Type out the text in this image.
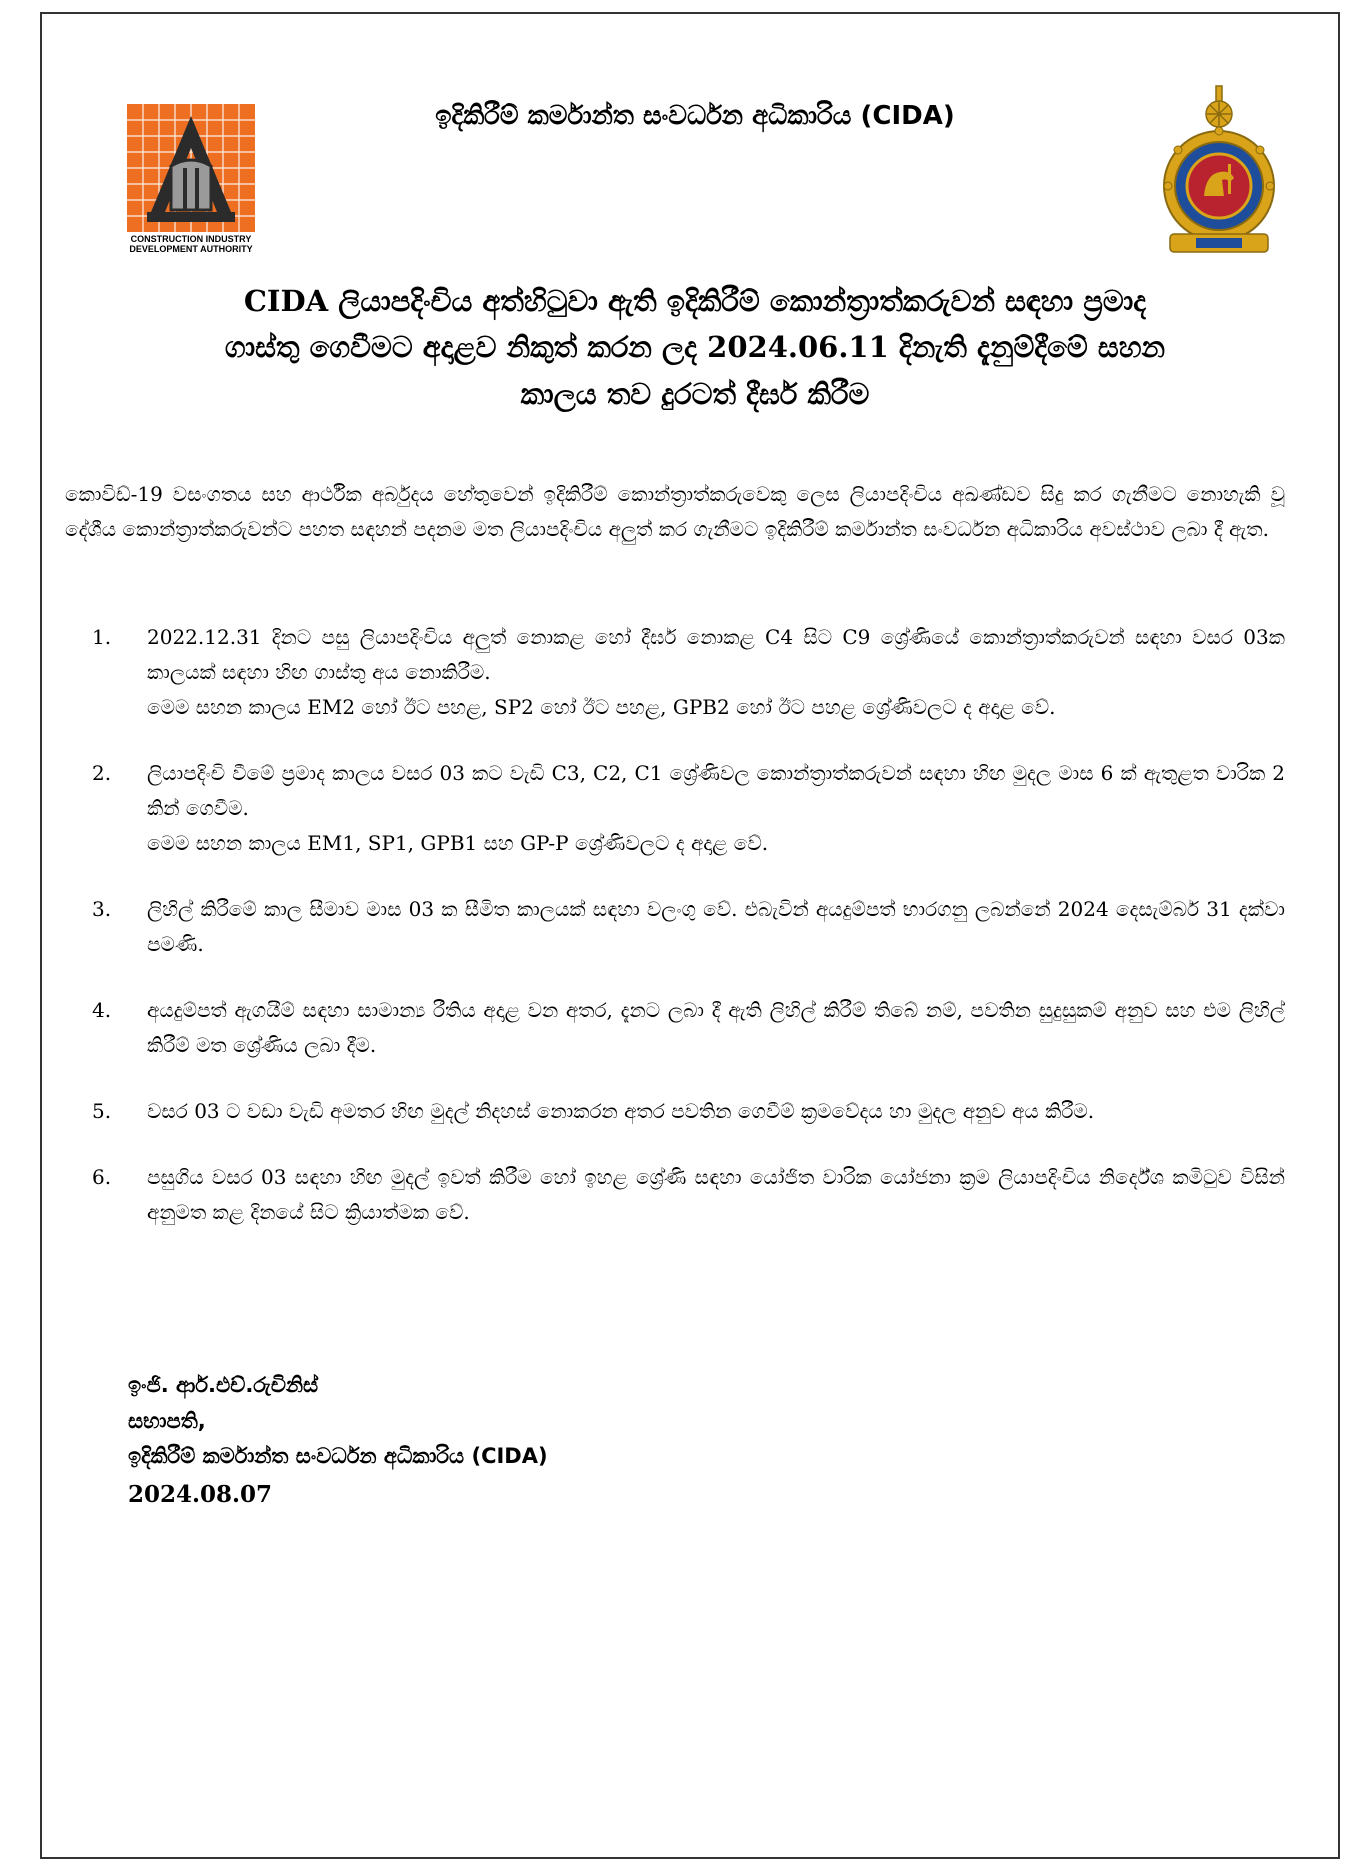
CONSTRUCTION INDUSTRY
DEVELOPMENT AUTHORITY
ඉදිකිරීම් කර්මාන්ත සංවර්ධන අධිකාරිය (CIDA)
CIDA ලියාපදිංචිය අත්හිටුවා ඇති ඉදිකිරීම් කොන්ත්‍රාත්කරුවන් සඳහා ප්‍රමාද
ගාස්තු ගෙවීමට අදාළව නිකුත් කරන ලද 2024.06.11 දිනැති දැනුම්දීමේ සහන
කාලය තව දුරටත් දීර්ඝ කිරීම

කොවිඩ්-19 වසංගතය සහ ආර්ථික අර්බුදය හේතුවෙන් ඉදිකිරීම් කොන්ත්‍රාත්කරුවෙකු ලෙස ලියාපදිංචිය අඛණ්ඩව සිදු කර ගැනීමට නොහැකි වූ දේශීය කොන්ත්‍රාත්කරුවන්ට පහත සඳහන් පදනම මත ලියාපදිංචිය අලුත් කර ගැනීමට ඉදිකිරීම් කර්මාන්ත සංවර්ධන අධිකාරිය අවස්ථාව ලබා දී ඇත.

1.	2022.12.31 දිනට පසු ලියාපදිංචිය අලුත් නොකළ හෝ දීර්ඝ නොකළ C4 සිට C9 ශ්‍රේණියේ කොන්ත්‍රාත්කරුවන් සඳහා වසර 03ක කාලයක් සඳහා හිඟ ගාස්තු අය නොකිරීම.
මෙම සහන කාලය EM2 හෝ ඊට පහළ, SP2 හෝ ඊට පහළ, GPB2 හෝ ඊට පහළ ශ්‍රේණිවලට ද අදාළ වේ.
2.	ලියාපදිංචි වීමේ ප්‍රමාද කාලය වසර 03 කට වැඩි C3, C2, C1 ශ්‍රේණිවල කොන්ත්‍රාත්කරුවන් සඳහා හිඟ මුදල මාස 6 ක් ඇතුළත වාරික 2 කින් ගෙවීම.
මෙම සහන කාලය EM1, SP1, GPB1 සහ GP-P ශ්‍රේණිවලට ද අදාළ වේ.
3.	ලිහිල් කිරීමේ කාල සීමාව මාස 03 ක සීමිත කාලයක් සඳහා වලංගු වේ. එබැවින් අයදුම්පත් භාරගනු ලබන්නේ 2024 දෙසැම්බර් 31 දක්වා පමණි.
4.	අයදුම්පත් ඇගයීම් සඳහා සාමාන්‍ය රීතිය අදාළ වන අතර, දැනට ලබා දී ඇති ලිහිල් කිරීම් තිබේ නම්, පවතින සුදුසුකම් අනුව සහ එම ලිහිල් කිරීම් මත ශ්‍රේණිය ලබා දීම.
5.	වසර 03 ට වඩා වැඩි අමතර හිඟ මුදල් නිදහස් නොකරන අතර පවතින ගෙවීම් ක්‍රමවේදය හා මුදල අනුව අය කිරීම.
6.	පසුගිය වසර 03 සඳහා හිඟ මුදල් ඉවත් කිරීම හෝ ඉහළ ශ්‍රේණි සඳහා යෝජිත වාරික යෝජනා ක්‍රම ලියාපදිංචිය නිර්දේශ කමිටුව විසින් අනුමත කළ දිනයේ සිට ක්‍රියාත්මක වේ.
ඉංජි. ආර්.එච්.රුචිනිස්
සභාපති,
ඉදිකිරීම් කර්මාන්ත සංවර්ධන අධිකාරිය (CIDA)
2024.08.07
